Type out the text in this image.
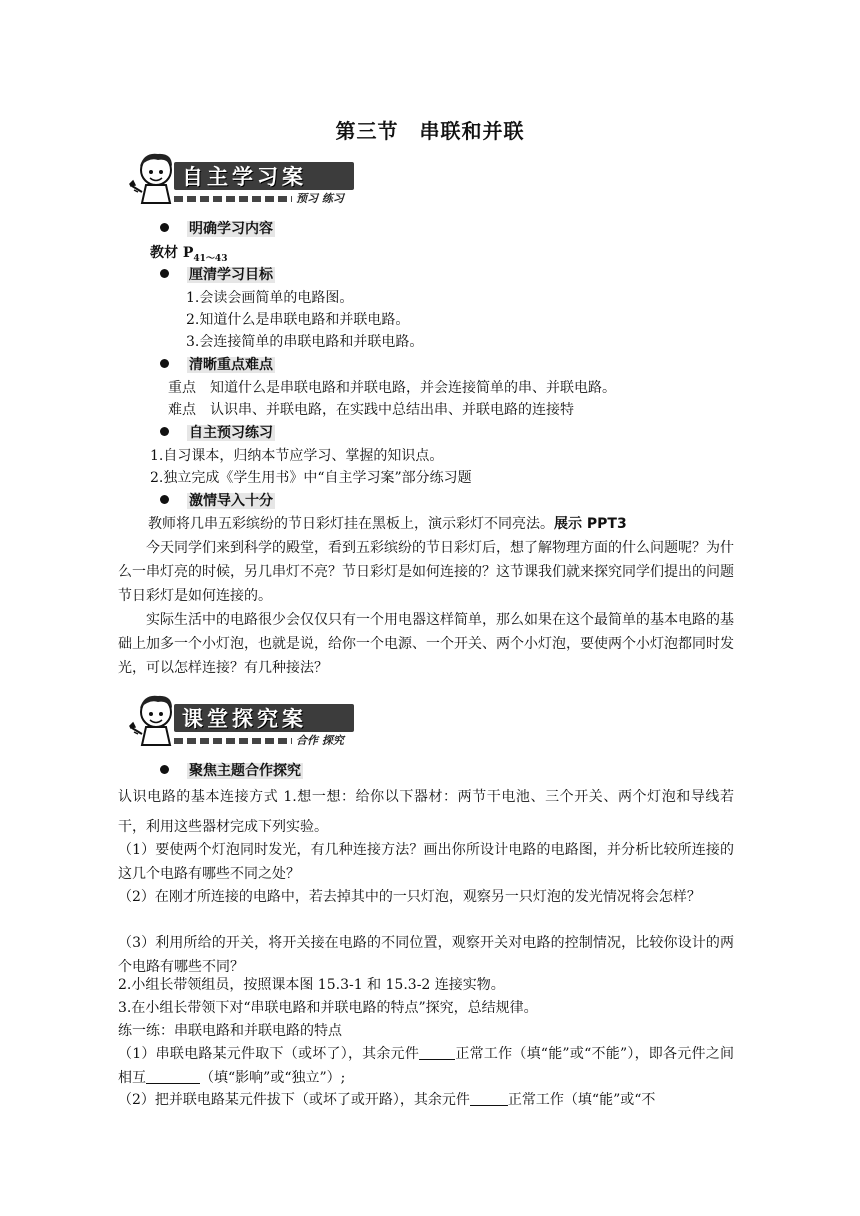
第三节　串联和并联
自主学习案
预习 练习
明确学习内容
教材 $P_{41\sim 43}$
厘清学习目标
1.会读会画简单的电路图。
2.知道什么是串联电路和并联电路。
3.会连接简单的串联电路和并联电路。
清晰重点难点
重点　知道什么是串联电路和并联电路，并会连接简单的串、并联电路。
难点　认识串、并联电路，在实践中总结出串、并联电路的连接特
自主预习练习
1.自习课本，归纳本节应学习、掌握的知识点。
2.独立完成《学生用书》中“自主学习案”部分练习题
激情导入十分
教师将几串五彩缤纷的节日彩灯挂在黑板上，演示彩灯不同亮法。展示 PPT3
今天同学们来到科学的殿堂，看到五彩缤纷的节日彩灯后，想了解物理方面的什么问题呢？为什么一串灯亮的时候，另几串灯不亮？节日彩灯是如何连接的？这节课我们就来探究同学们提出的问题节日彩灯是如何连接的。
实际生活中的电路很少会仅仅只有一个用电器这样简单，那么如果在这个最简单的基本电路的基础上加多一个小灯泡，也就是说，给你一个电源、一个开关、两个小灯泡，要使两个小灯泡都同时发光，可以怎样连接？有几种接法？
课堂探究案
合作 探究
聚焦主题合作探究
认识电路的基本连接方式 1.想一想：给你以下器材：两节干电池、三个开关、两个灯泡和导线若干，利用这些器材完成下列实验。
（1）要使两个灯泡同时发光，有几种连接方法？画出你所设计电路的电路图，并分析比较所连接的这几个电路有哪些不同之处？
（2）在刚才所连接的电路中，若去掉其中的一只灯泡，观察另一只灯泡的发光情况将会怎样？
（3）利用所给的开关，将开关接在电路的不同位置，观察开关对电路的控制情况，比较你设计的两个电路有哪些不同？
2.小组长带领组员，按照课本图 15.3-1 和 15.3-2 连接实物。
3.在小组长带领下对“串联电路和并联电路的特点”探究，总结规律。
练一练：串联电路和并联电路的特点
（1）串联电路某元件取下（或坏了），其余元件	正常工作（填“能”或“不能”），即各元件之间相互	（填“影响”或“独立”）;
（2）把并联电路某元件拔下（或坏了或开路），其余元件	正常工作（填“能”或“不
